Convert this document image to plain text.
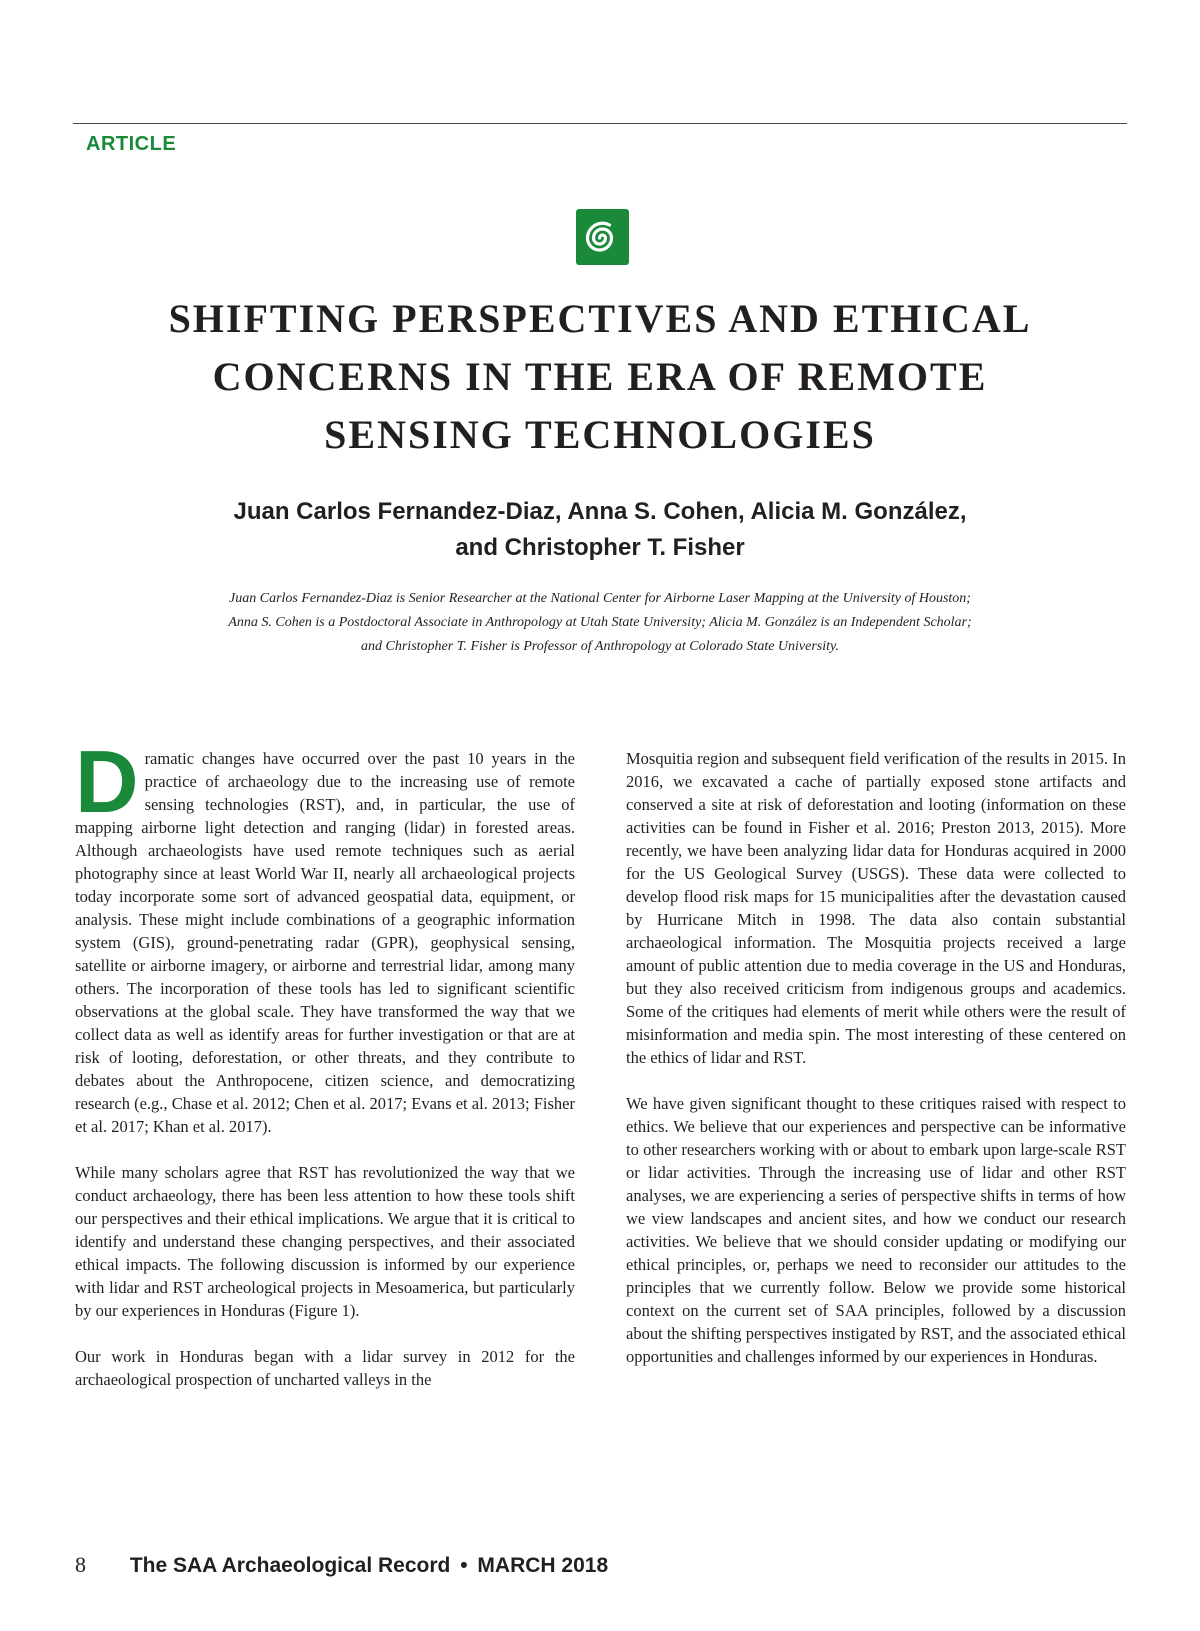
ARTICLE
SHIFTING PERSPECTIVES AND ETHICAL
CONCERNS IN THE ERA OF REMOTE
SENSING TECHNOLOGIES
Juan Carlos Fernandez-Diaz, Anna S. Cohen, Alicia M. González,
and Christopher T. Fisher
Juan Carlos Fernandez-Diaz is Senior Researcher at the National Center for Airborne Laser Mapping at the University of Houston;
Anna S. Cohen is a Postdoctoral Associate in Anthropology at Utah State University; Alicia M. González is an Independent Scholar;
and Christopher T. Fisher is Professor of Anthropology at Colorado State University.

Dramatic changes have occurred over the past 10 years in the practice of archaeology due to the increasing use of remote sensing technologies (RST), and, in particular, the use of mapping airborne light detection and ranging (lidar) in forested areas. Although archaeologists have used remote techniques such as aerial photography since at least World War II, nearly all archaeological projects today incorporate some sort of advanced geospatial data, equipment, or analysis. These might include combinations of a geographic information system (GIS), ground-penetrating radar (GPR), geophysical sensing, satellite or airborne imagery, or airborne and terrestrial lidar, among many others. The incorporation of these tools has led to significant scientific observations at the global scale. They have transformed the way that we collect data as well as identify areas for further investigation or that are at risk of looting, deforestation, or other threats, and they contribute to debates about the Anthropocene, citizen science, and democratizing research (e.g., Chase et al. 2012; Chen et al. 2017; Evans et al. 2013; Fisher et al. 2017; Khan et al. 2017).

While many scholars agree that RST has revolutionized the way that we conduct archaeology, there has been less attention to how these tools shift our perspectives and their ethical implications. We argue that it is critical to identify and understand these changing perspectives, and their associated ethical impacts. The following discussion is informed by our experience with lidar and RST archeological projects in Mesoamerica, but particularly by our experiences in Honduras (Figure 1).

Our work in Honduras began with a lidar survey in 2012 for the archaeological prospection of uncharted valleys in the

Mosquitia region and subsequent field verification of the results in 2015. In 2016, we excavated a cache of partially exposed stone artifacts and conserved a site at risk of deforestation and looting (information on these activities can be found in Fisher et al. 2016; Preston 2013, 2015). More recently, we have been analyzing lidar data for Honduras acquired in 2000 for the US Geological Survey (USGS). These data were collected to develop flood risk maps for 15 municipalities after the devastation caused by Hurricane Mitch in 1998. The data also contain substantial archaeological information. The Mosquitia projects received a large amount of public attention due to media coverage in the US and Honduras, but they also received criticism from indigenous groups and academics. Some of the critiques had elements of merit while others were the result of misinformation and media spin. The most interesting of these centered on the ethics of lidar and RST.

We have given significant thought to these critiques raised with respect to ethics. We believe that our experiences and perspective can be informative to other researchers working with or about to embark upon large-scale RST or lidar activities. Through the increasing use of lidar and other RST analyses, we are experiencing a series of perspective shifts in terms of how we view landscapes and ancient sites, and how we conduct our research activities. We believe that we should consider updating or modifying our ethical principles, or, perhaps we need to reconsider our attitudes to the principles that we currently follow. Below we provide some historical context on the current set of SAA principles, followed by a discussion about the shifting perspectives instigated by RST, and the associated ethical opportunities and challenges informed by our experiences in Honduras.

8 The SAA Archaeological Record • MARCH 2018
